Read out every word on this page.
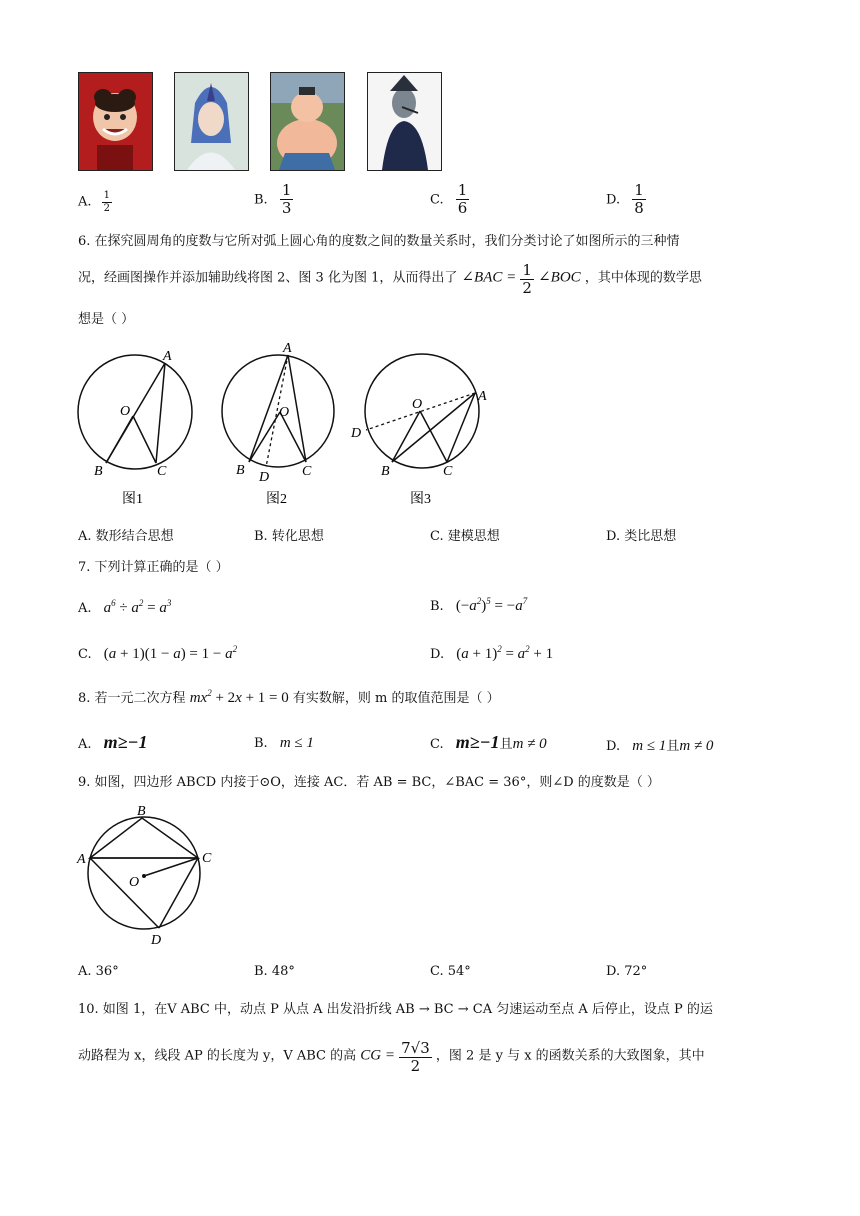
A. $\frac{1}{2}$	B. $\frac{1}{3}$	C. $\frac{1}{6}$	D. $\frac{1}{8}$
6. 在探究圆周角的度数与它所对弧上圆心角的度数之间的数量关系时，我们分类讨论了如图所示的三种情
况，经画图操作并添加辅助线将图 2、图 3 化为图 1，从而得出了 ∠BAC = $\frac{1}{2}$ ∠BOC ，其中体现的数学思
想是（ ）
A
O
B	C
图1
A
O
B D C
图2
A
O
D
B	C
图3
A. 数形结合思想	B. 转化思想	C. 建模思想	D. 类比思想
7. 下列计算正确的是（ ）
A. $a^6 \div a^2 = a^3$	B. $(-a^2)^5 = -a^7$
C. $(a + 1)(1 - a) = 1 - a^2$	D. $(a + 1)^2 = a^2 + 1$
8. 若一元二次方程 $mx^2 + 2x + 1 = 0$ 有实数解，则 m 的取值范围是（ ）
A. m≥−1	B. m ≤ 1	C. m≥−1且m ≠ 0	D. m ≤ 1且m ≠ 0
9. 如图，四边形 ABCD 内接于⊙O，连接 AC．若 AB = BC，∠BAC = 36°，则∠D 的度数是（ ）
B
A	C
O
D
A. 36°	B. 48°	C. 54°	D. 72°
10. 如图 1，在V ABC 中，动点 P 从点 A 出发沿折线 AB → BC → CA 匀速运动至点 A 后停止，设点 P 的运
动路程为 x，线段 AP 的长度为 y，V ABC 的高 CG = $\frac{7√3}{2}$ ，图 2 是 y 与 x 的函数关系的大致图象，其中
